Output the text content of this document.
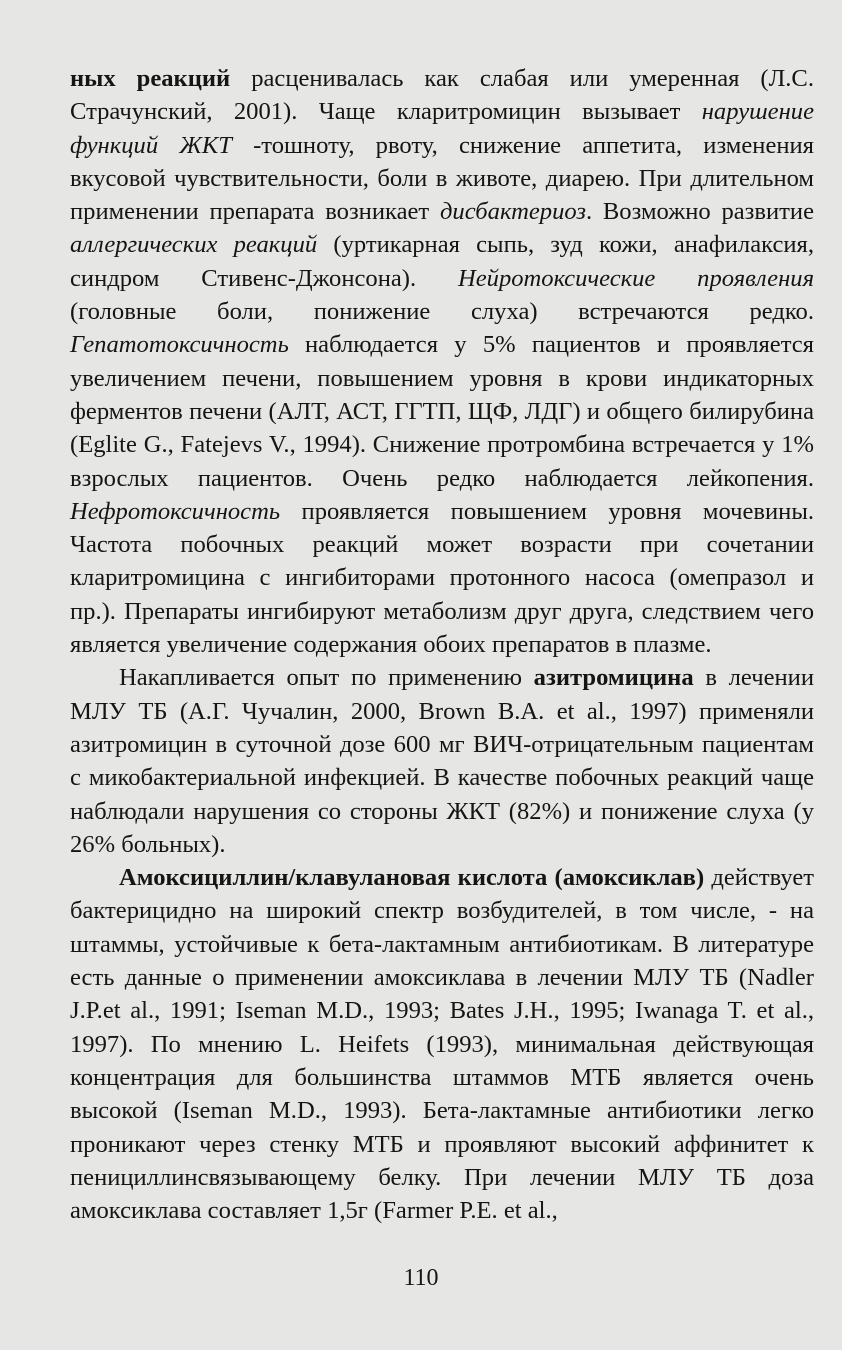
ных реакций расценивалась как слабая или умеренная (Л.С. Страчунский, 2001). Чаще кларитромицин вызывает нарушение функций ЖКТ -тошноту, рвоту, снижение аппетита, изменения вкусовой чувствительности, боли в животе, диарею. При длительном применении препарата возникает дисбактериоз. Возможно развитие аллергических реакций (уртикарная сыпь, зуд кожи, анафилаксия, синдром Стивенс-Джонсона). Нейротоксические проявления (головные боли, понижение слуха) встречаются редко. Гепатотоксичность наблюдается у 5% пациентов и проявляется увеличением печени, повышением уровня в крови индикаторных ферментов печени (АЛТ, АСТ, ГГТП, ЩФ, ЛДГ) и общего билирубина (Eglite G., Fatejevs V., 1994). Снижение протромбина встречается у 1% взрослых пациентов. Очень редко наблюдается лейкопения. Нефротоксичность проявляется повышением уровня мочевины. Частота побочных реакций может возрасти при сочетании кларитромицина с ингибиторами протонного насоса (омепразол и пр.). Препараты ингибируют метаболизм друг друга, следствием чего является увеличение содержания обоих препаратов в плазме.

Накапливается опыт по применению азитромицина в лечении МЛУ ТБ (А.Г. Чучалин, 2000, Brown B.A. et al., 1997) применяли азитромицин в суточной дозе 600 мг ВИЧ-отрицательным пациентам с микобактериальной инфекцией. В качестве побочных реакций чаще наблюдали нарушения со стороны ЖКТ (82%) и понижение слуха (у 26% больных).

Амоксициллин/клавулановая кислота (амоксиклав) действует бактерицидно на широкий спектр возбудителей, в том числе, - на штаммы, устойчивые к бета-лактамным антибиотикам. В литературе есть данные о применении амоксиклава в лечении МЛУ ТБ (Nadler J.P.et al., 1991; Iseman M.D., 1993; Bates J.H., 1995; Iwanaga T. et al., 1997). По мнению L. Heifets (1993), минимальная действующая концентрация для большинства штаммов МТБ является очень высокой (Iseman M.D., 1993). Бета-лактамные антибиотики легко проникают через стенку МТБ и проявляют высокий аффинитет к пенициллинсвязывающему белку. При лечении МЛУ ТБ доза амоксиклава составляет 1,5г (Farmer P.E. et al.,

110
